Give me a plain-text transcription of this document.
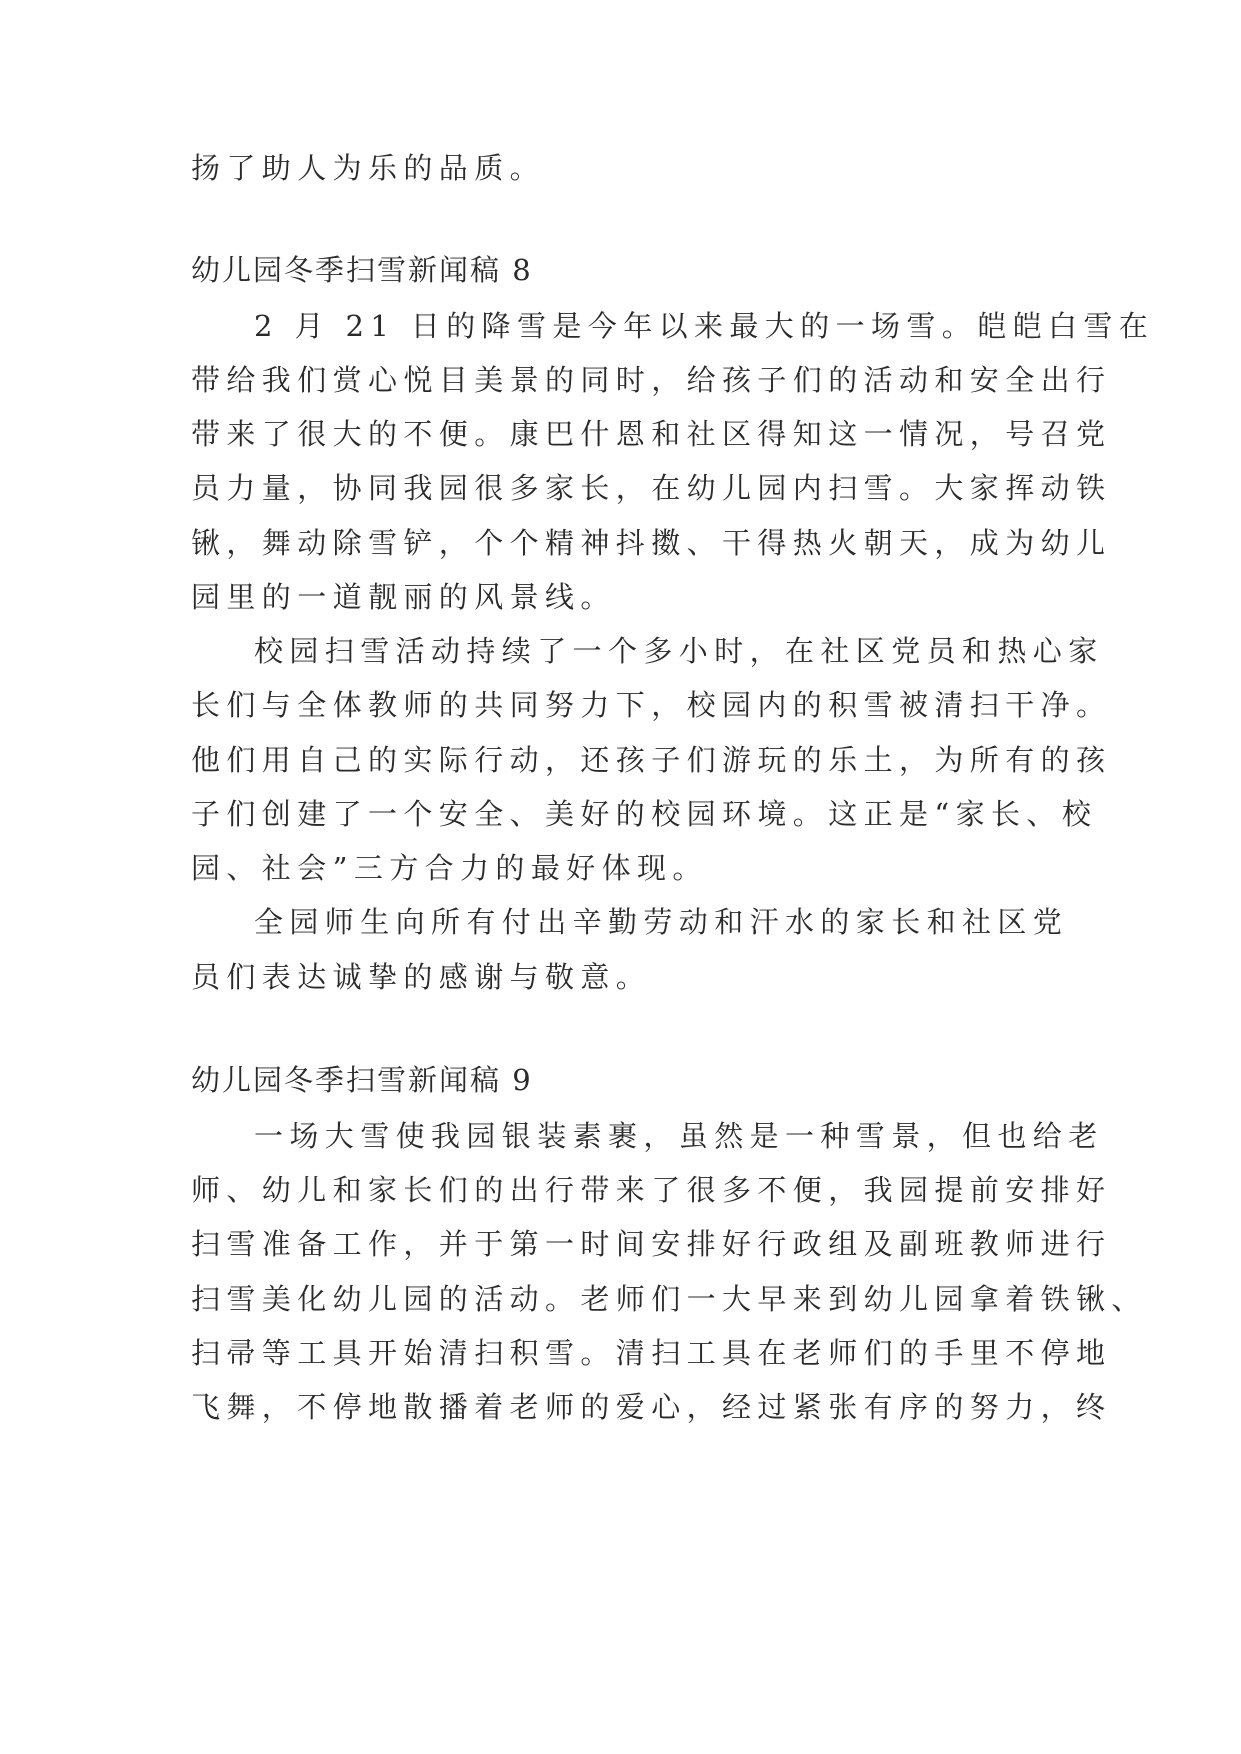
扬了助人为乐的品质。
幼儿园冬季扫雪新闻稿 8
2 月 21 日的降雪是今年以来最大的一场雪。皑皑白雪在
带给我们赏心悦目美景的同时，给孩子们的活动和安全出行
带来了很大的不便。康巴什恩和社区得知这一情况，号召党
员力量，协同我园很多家长，在幼儿园内扫雪。大家挥动铁
锹，舞动除雪铲，个个精神抖擞、干得热火朝天，成为幼儿
园里的一道靓丽的风景线。
校园扫雪活动持续了一个多小时，在社区党员和热心家
长们与全体教师的共同努力下，校园内的积雪被清扫干净。
他们用自己的实际行动，还孩子们游玩的乐土，为所有的孩
子们创建了一个安全、美好的校园环境。这正是“家长、校
园、社会”三方合力的最好体现。
全园师生向所有付出辛勤劳动和汗水的家长和社区党
员们表达诚挚的感谢与敬意。
幼儿园冬季扫雪新闻稿 9
一场大雪使我园银装素裹，虽然是一种雪景，但也给老
师、幼儿和家长们的出行带来了很多不便，我园提前安排好
扫雪准备工作，并于第一时间安排好行政组及副班教师进行
扫雪美化幼儿园的活动。老师们一大早来到幼儿园拿着铁锹、
扫帚等工具开始清扫积雪。清扫工具在老师们的手里不停地
飞舞，不停地散播着老师的爱心，经过紧张有序的努力，终
